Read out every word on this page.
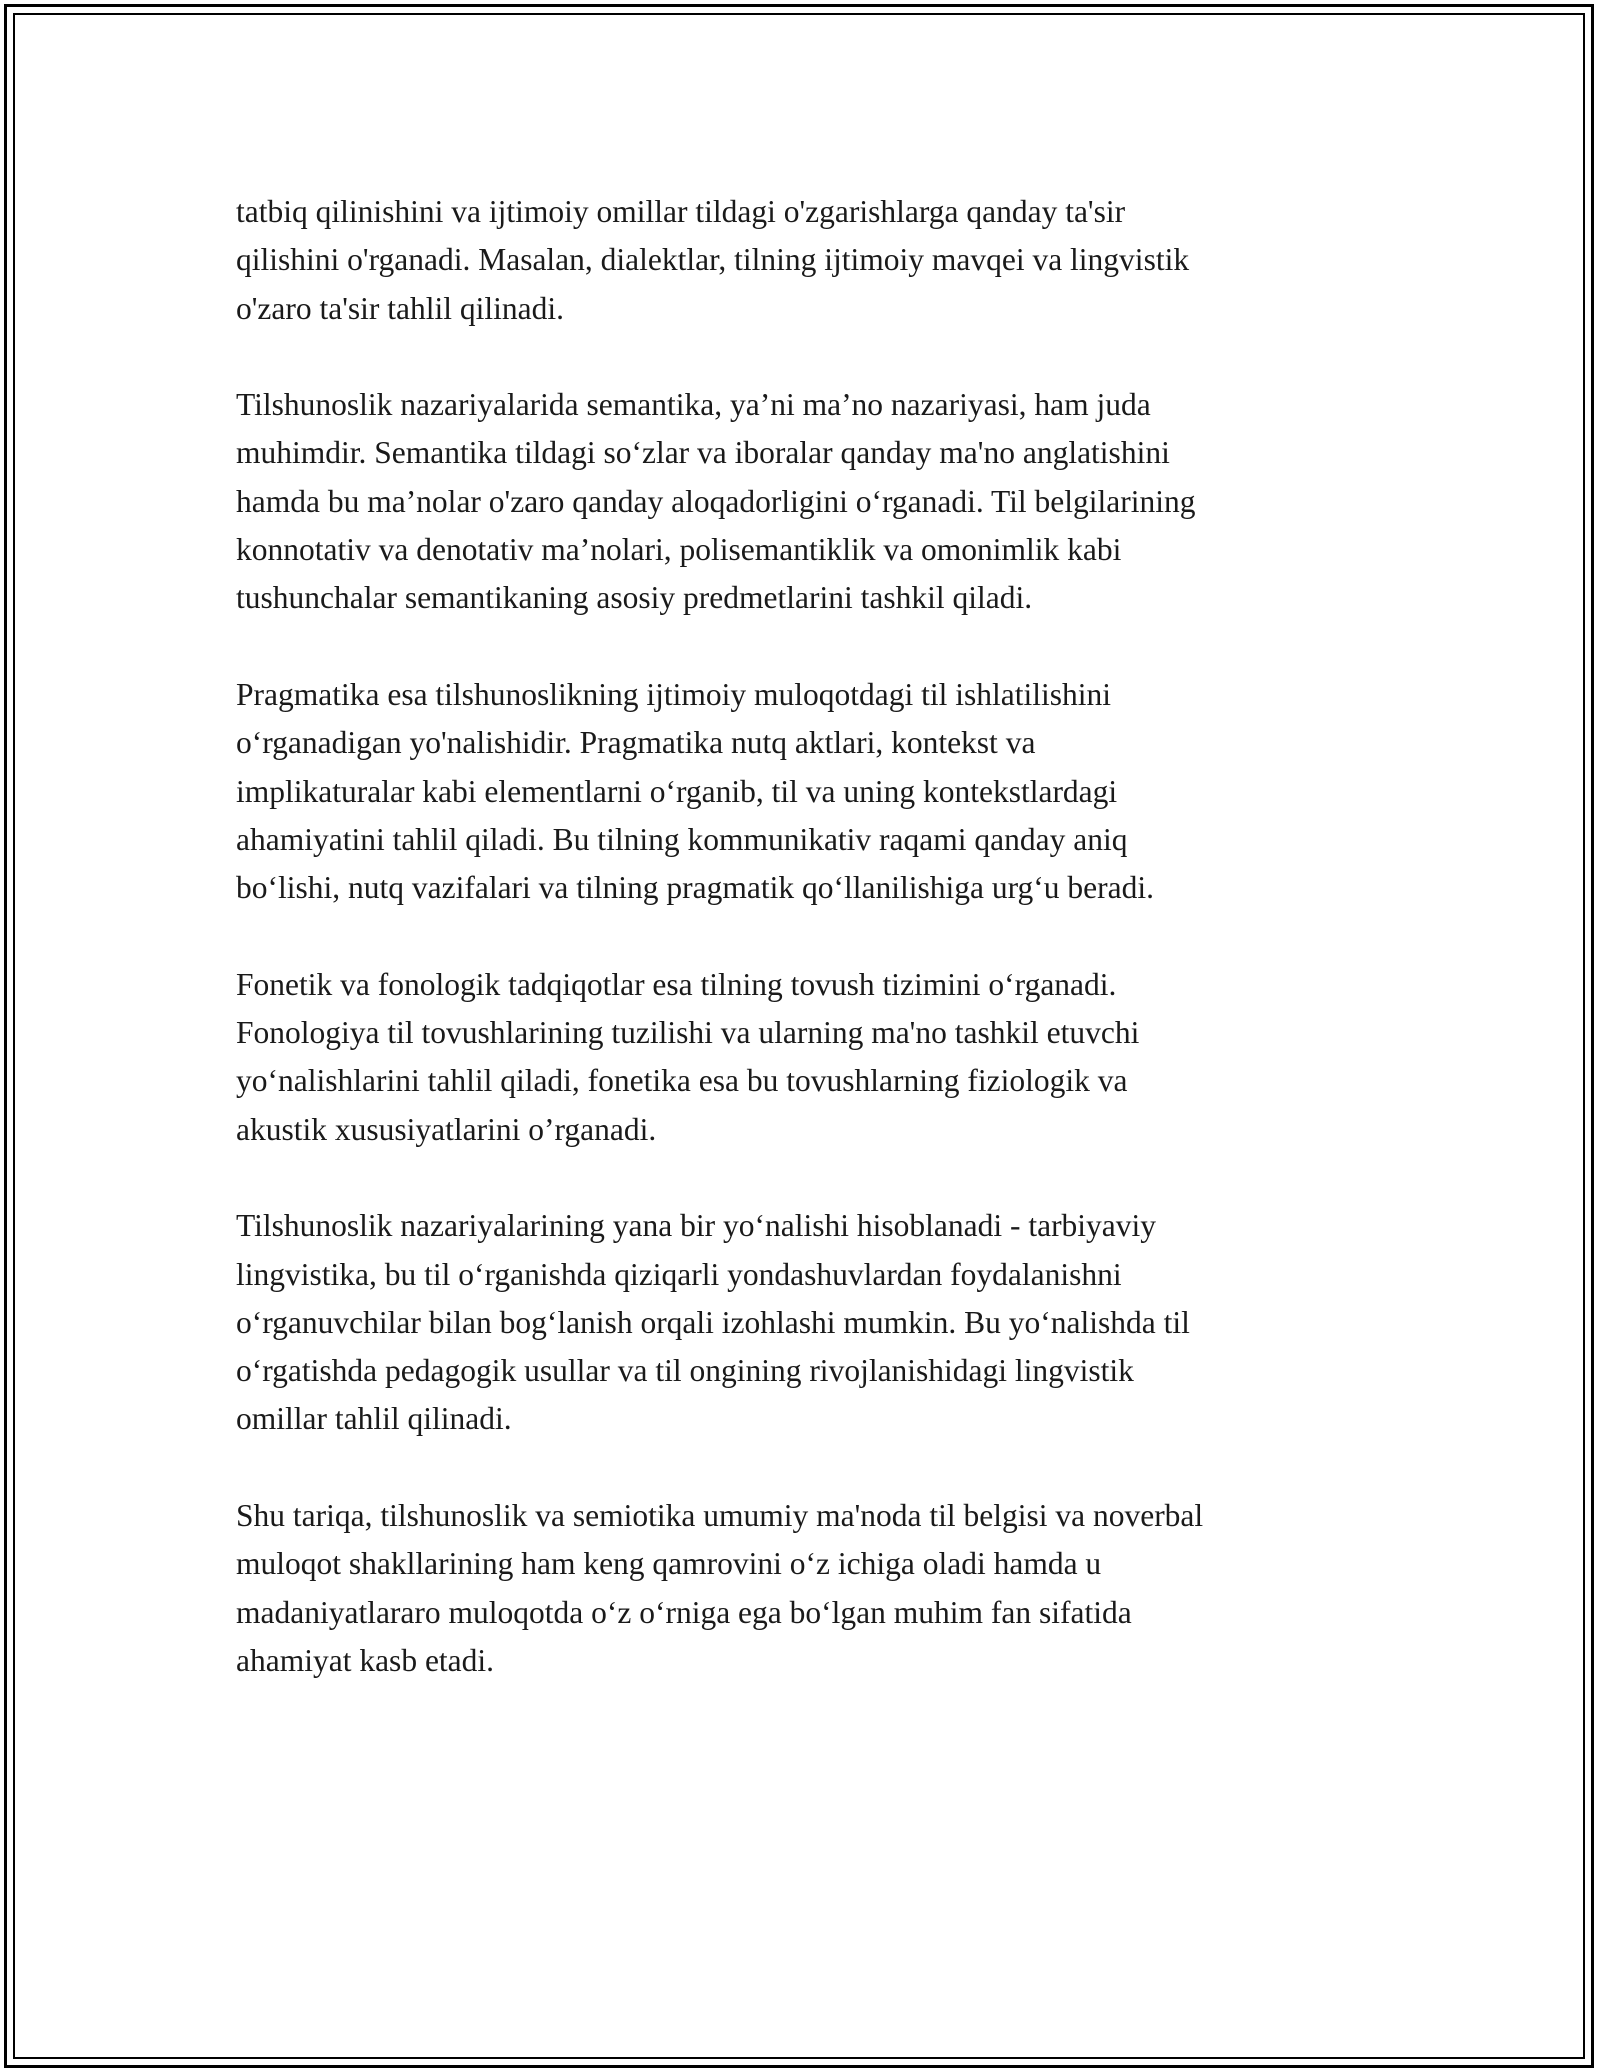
tatbiq qilinishini va ijtimoiy omillar tildagi o'zgarishlarga qanday ta'sir
qilishini o'rganadi. Masalan, dialektlar, tilning ijtimoiy mavqei va lingvistik
o'zaro ta'sir tahlil qilinadi.

Tilshunoslik nazariyalarida semantika, ya’ni ma’no nazariyasi, ham juda
muhimdir. Semantika tildagi so‘zlar va iboralar qanday ma'no anglatishini
hamda bu ma’nolar o'zaro qanday aloqadorligini o‘rganadi. Til belgilarining
konnotativ va denotativ ma’nolari, polisemantiklik va omonimlik kabi
tushunchalar semantikaning asosiy predmetlarini tashkil qiladi.

Pragmatika esa tilshunoslikning ijtimoiy muloqotdagi til ishlatilishini
o‘rganadigan yo'nalishidir. Pragmatika nutq aktlari, kontekst va
implikaturalar kabi elementlarni o‘rganib, til va uning kontekstlardagi
ahamiyatini tahlil qiladi. Bu tilning kommunikativ raqami qanday aniq
bo‘lishi, nutq vazifalari va tilning pragmatik qo‘llanilishiga urg‘u beradi.

Fonetik va fonologik tadqiqotlar esa tilning tovush tizimini o‘rganadi.
Fonologiya til tovushlarining tuzilishi va ularning ma'no tashkil etuvchi
yo‘nalishlarini tahlil qiladi, fonetika esa bu tovushlarning fiziologik va
akustik xususiyatlarini o’rganadi.

Tilshunoslik nazariyalarining yana bir yo‘nalishi hisoblanadi - tarbiyaviy
lingvistika, bu til o‘rganishda qiziqarli yondashuvlardan foydalanishni
o‘rganuvchilar bilan bog‘lanish orqali izohlashi mumkin. Bu yo‘nalishda til
o‘rgatishda pedagogik usullar va til ongining rivojlanishidagi lingvistik
omillar tahlil qilinadi.

Shu tariqa, tilshunoslik va semiotika umumiy ma'noda til belgisi va noverbal
muloqot shakllarining ham keng qamrovini o‘z ichiga oladi hamda u
madaniyatlararo muloqotda o‘z o‘rniga ega bo‘lgan muhim fan sifatida
ahamiyat kasb etadi.
